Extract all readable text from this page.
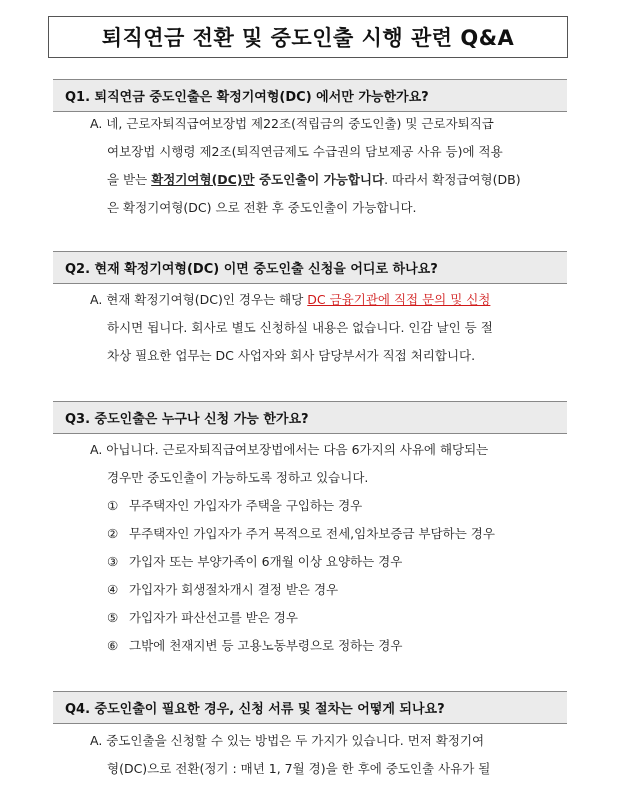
퇴직연금 전환 및 중도인출 시행 관련 Q&A
Q1. 퇴직연금 중도인출은 확정기여형(DC) 에서만 가능한가요?
A. 네, 근로자퇴직급여보장법 제22조(적립금의 중도인출) 및 근로자퇴직급
여보장법 시행령 제2조(퇴직연금제도 수급권의 담보제공 사유 등)에 적용
을 받는 확정기여형(DC)만 중도인출이 가능합니다. 따라서 확정급여형(DB)
은 확정기여형(DC) 으로 전환 후 중도인출이 가능합니다.
Q2. 현재 확정기여형(DC) 이면 중도인출 신청을 어디로 하나요?
A. 현재 확정기여형(DC)인 경우는 해당 DC 금융기관에 직접 문의 및 신청
하시면 됩니다. 회사로 별도 신청하실 내용은 없습니다. 인감 날인 등 절
차상 필요한 업무는 DC 사업자와 회사 담당부서가 직접 처리합니다.
Q3. 중도인출은 누구나 신청 가능 한가요?
A. 아닙니다. 근로자퇴직급여보장법에서는 다음 6가지의 사유에 해당되는
경우만 중도인출이 가능하도록 정하고 있습니다.
① 무주택자인 가입자가 주택을 구입하는 경우
② 무주택자인 가입자가 주거 목적으로 전세,임차보증금 부담하는 경우
③ 가입자 또는 부양가족이 6개월 이상 요양하는 경우
④ 가입자가 회생절차개시 결정 받은 경우
⑤ 가입자가 파산선고를 받은 경우
⑥ 그밖에 천재지변 등 고용노동부령으로 정하는 경우
Q4. 중도인출이 필요한 경우, 신청 서류 및 절차는 어떻게 되나요?
A. 중도인출을 신청할 수 있는 방법은 두 가지가 있습니다. 먼저 확정기여
형(DC)으로 전환(정기 : 매년 1, 7월 경)을 한 후에 중도인출 사유가 될
